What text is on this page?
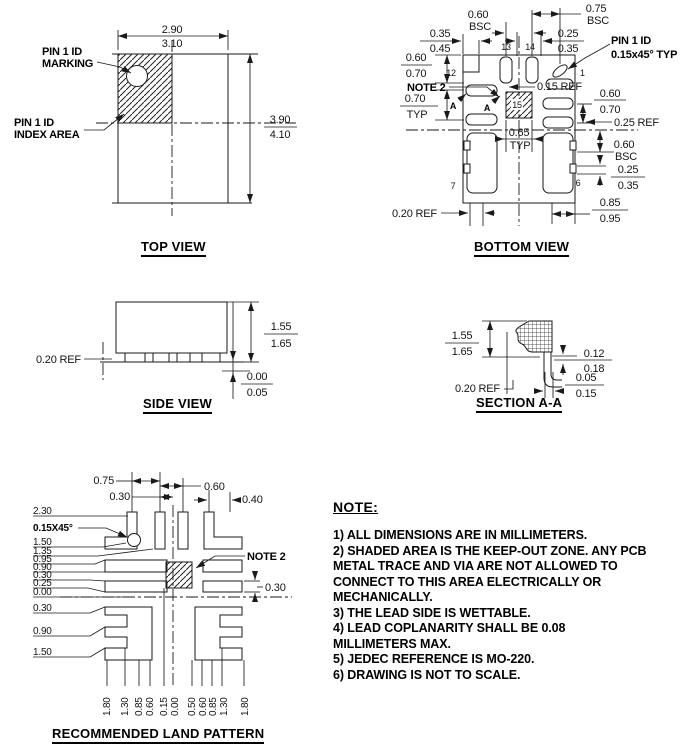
2.90
3.10
3.90
4.10
PIN 1 ID
MARKING
PIN 1 ID
INDEX AREA
0.60
BSC
0.75
BSC
0.35
0.45
0.25
0.35
PIN 1 ID
0.15x45° TYP
0.60
0.70
NOTE 2
0.70
TYP
A	A
0.15 REF
15
0.65
TYP
0.60
0.70
0.25 REF
0.60
BSC
0.25
0.35
0.85
0.95
0.20 REF
12	1
13 14
7	6
0.20 REF
1.55
1.65
0.00
0.05
1.55
1.65	0.12
0.18
0.05
0.15
0.20 REF
0.75
0.30
0.60
0.40
2.30
0.15X45°
1.50
1.35
0.95
0.90
0.30
0.25
0.00
0.30
0.90
1.50
NOTE 2
0.30
1.80 1.30 0.85 0.60 0.15 0.00 0.50 0.60 0.85 1.30 1.80
TOP VIEW	BOTTOM VIEW
SIDE VIEW	SECTION A-A
RECOMMENDED LAND PATTERN
NOTE:
1) ALL DIMENSIONS ARE IN MILLIMETERS.
2) SHADED AREA IS THE KEEP-OUT ZONE. ANY PCB METAL TRACE AND VIA ARE NOT ALLOWED TO CONNECT TO THIS AREA ELECTRICALLY OR MECHANICALLY.
3) THE LEAD SIDE IS WETTABLE.
4) LEAD COPLANARITY SHALL BE 0.08 MILLIMETERS MAX.
5) JEDEC REFERENCE IS MO-220.
6) DRAWING IS NOT TO SCALE.
